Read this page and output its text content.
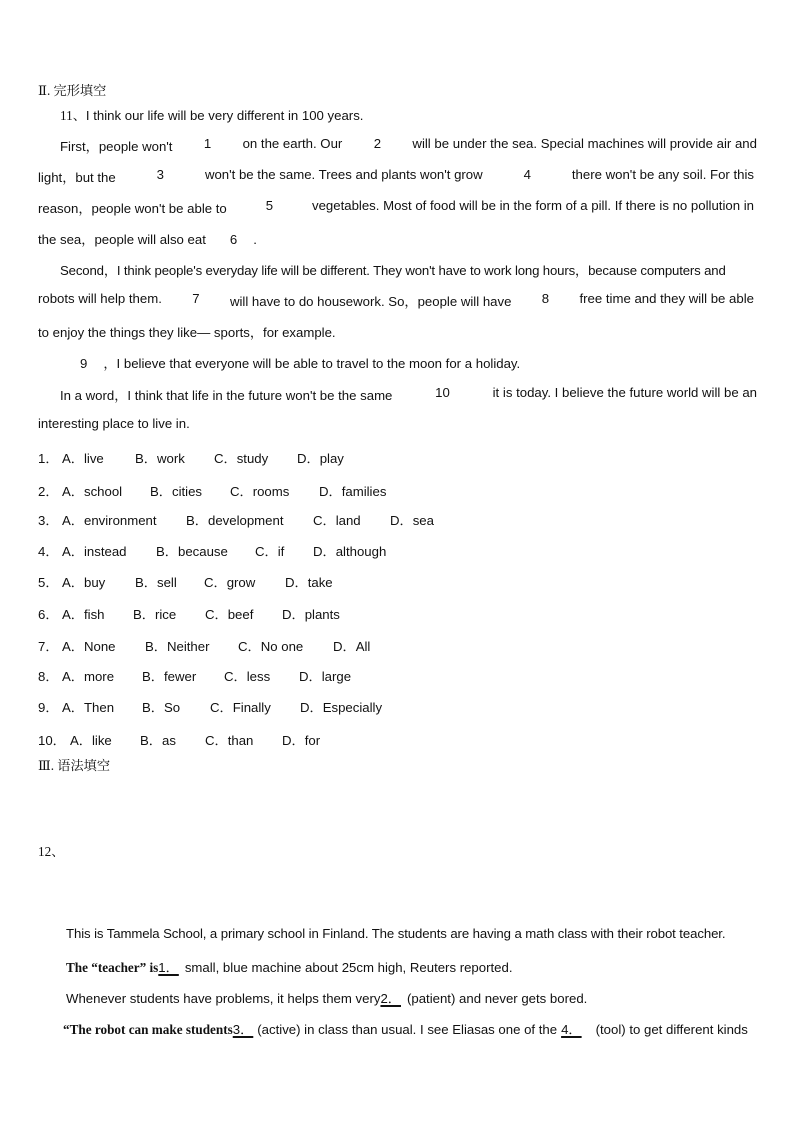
Ⅱ. 完形填空
11、I think our life will be very different in 100 years.
First，people won't 1 on the earth. Our 2 will be under the sea. Special machines will provide air and
light，but the	3	won't be the same. Trees and plants won't grow	4	there won't be any soil. For this
reason，people won't be able to	5	vegetables. Most of food will be in the form of a pill. If there is no pollution in
the sea，people will also eat 6 .
Second，I think people's everyday life will be different. They won't have to work long hours，because computers and
robots will help them. 7 will have to do housework. So，people will have 8 free time and they will be able
to enjoy the things they like— sports，for example.
9 ，I believe that everyone will be able to travel to the moon for a holiday.
In a word，I think that life in the future won't be the same	10	it is today. I believe the future world will be an
interesting place to live in.
1． A．live B．work C．study D．play
2． A．school B．cities C．rooms D．families
3． A．environment B．development C．land D．sea
4． A．instead B．because C．if D．although
5． A．buy B．sell C．grow D．take
6． A．fish B．rice C．beef D．plants
7． A．None B．Neither C．No one D．All
8． A．more B．fewer C．less D．large
9． A．Then B．So C．Finally D．Especially
10． A．like B．as C．than D．for
Ⅲ. 语法填空
12、
This is Tammela School, a primary school in Finland. The students are having a math class with their robot teacher.
The “teacher” is1． small, blue machine about 25cm high, Reuters reported.
Whenever students have problems, it helps them very2． (patient) and never gets bored.
“The robot can make students3． (active) in class than usual. I see Eliasas one of the 4． (tool) to get different kinds
